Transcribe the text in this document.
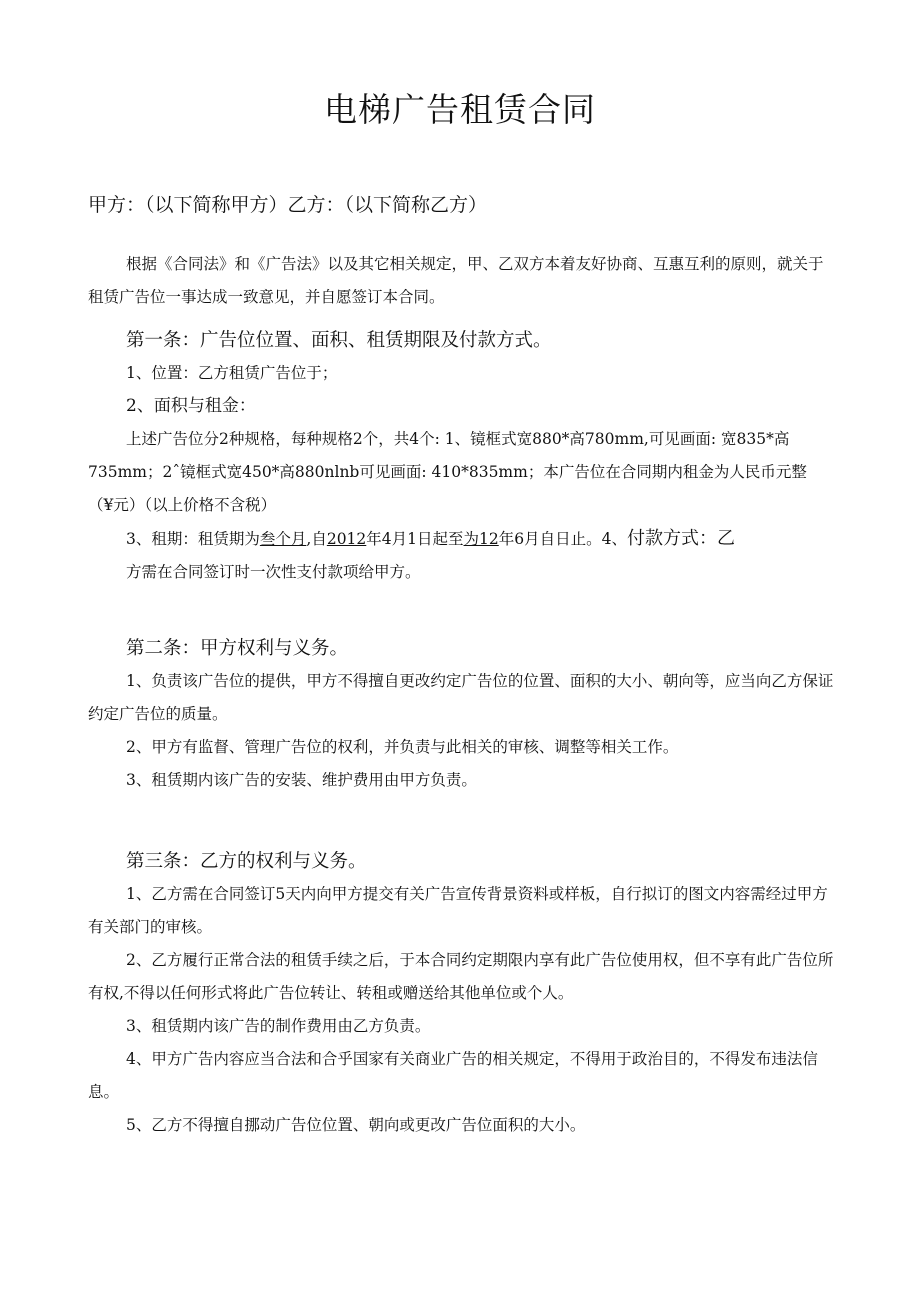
电梯广告租赁合同

甲方：（以下简称甲方）乙方：（以下简称乙方）

根据《合同法》和《广告法》以及其它相关规定，甲、乙双方本着友好协商、互惠互利的原则，就关于租赁广告位一事达成一致意见，并自愿签订本合同。

第一条：广告位位置、面积、租赁期限及付款方式。

1、位置：乙方租赁广告位于；

2、面积与租金：

上述广告位分2种规格，每种规格2个，共4个: 1、镜框式宽880*高780mm,可见画面: 宽835*高735mm；2ˆ镜框式宽450*高880nlnb可见画面: 410*835mm；本广告位在合同期内租金为人民币元整（¥元）（以上价格不含税）

3、租期：租赁期为叁个月,自2012年4月1日起至为12年6月自日止。4、付款方式：乙

方需在合同签订时一次性支付款项给甲方。

第二条：甲方权利与义务。

1、负责该广告位的提供，甲方不得擅自更改约定广告位的位置、面积的大小、朝向等，应当向乙方保证约定广告位的质量。

2、甲方有监督、管理广告位的权利，并负责与此相关的审核、调整等相关工作。

3、租赁期内该广告的安装、维护费用由甲方负责。

第三条：乙方的权利与义务。

1、乙方需在合同签订5天内向甲方提交有关广告宣传背景资料或样板，自行拟订的图文内容需经过甲方有关部门的审核。

2、乙方履行正常合法的租赁手续之后，于本合同约定期限内享有此广告位使用权，但不享有此广告位所有权,不得以任何形式将此广告位转让、转租或赠送给其他单位或个人。

3、租赁期内该广告的制作费用由乙方负责。

4、甲方广告内容应当合法和合乎国家有关商业广告的相关规定，不得用于政治目的，不得发布违法信息。

5、乙方不得擅自挪动广告位位置、朝向或更改广告位面积的大小。
